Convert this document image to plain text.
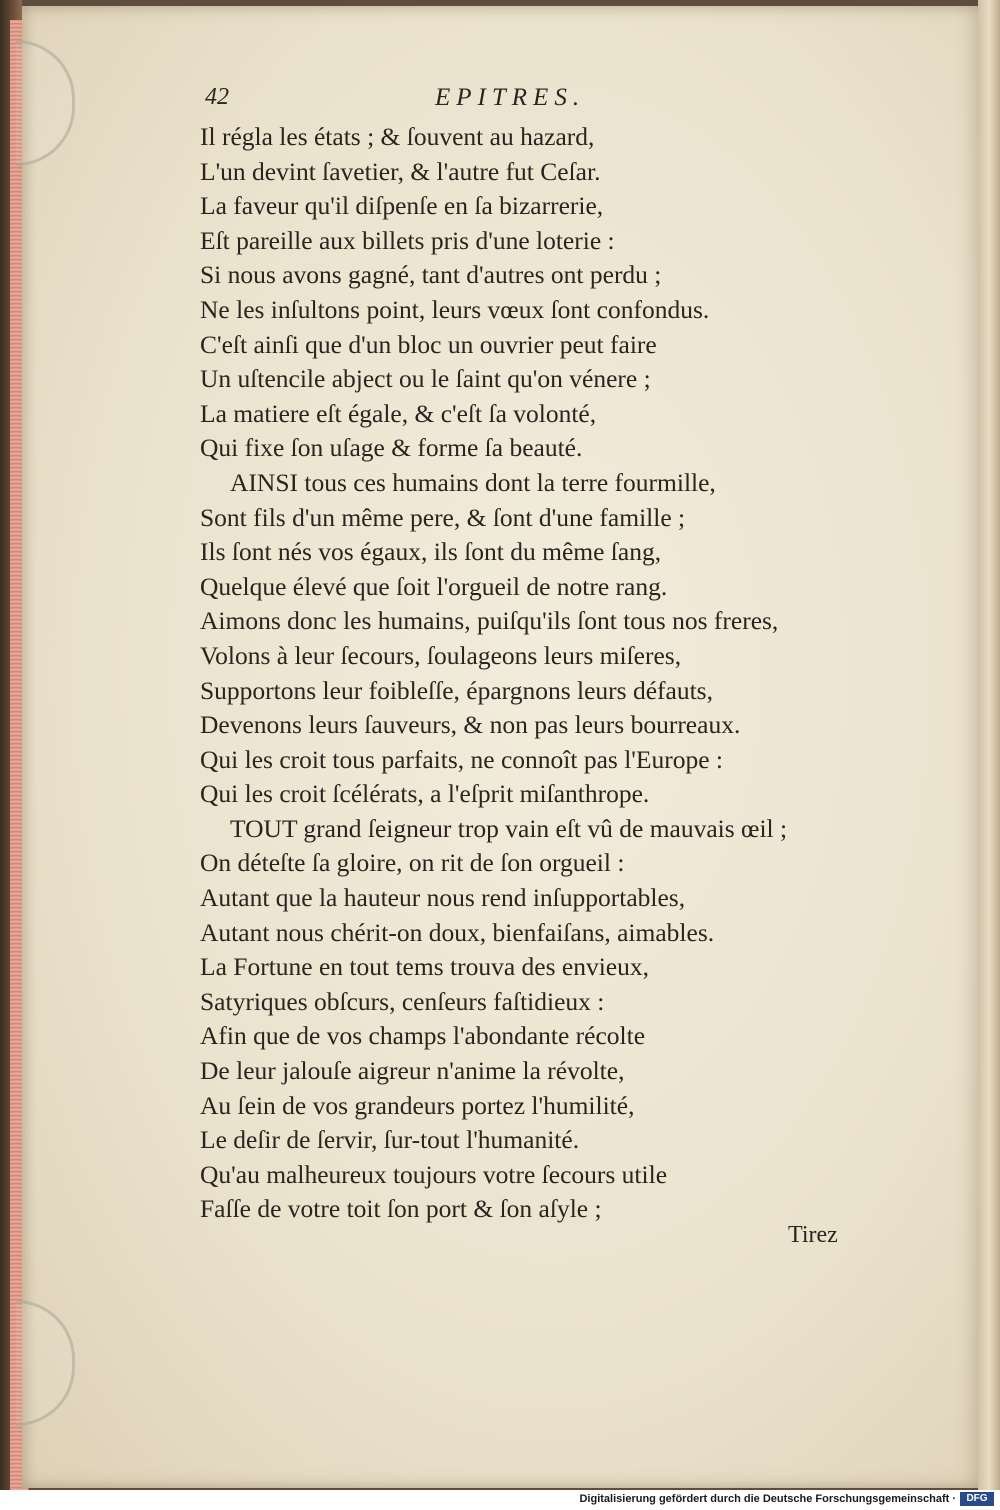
42	EPITRES.
Il régla les états ; & ſouvent au hazard,
L'un devint ſavetier, & l'autre fut Ceſar.
La faveur qu'il diſpenſe en ſa bizarrerie,
Eſt pareille aux billets pris d'une loterie :
Si nous avons gagné, tant d'autres ont perdu ;
Ne les inſultons point, leurs vœux ſont confondus.
C'eſt ainſi que d'un bloc un ouvrier peut faire
Un uſtencile abject ou le ſaint qu'on vénere ;
La matiere eſt égale, & c'eſt ſa volonté,
Qui fixe ſon uſage & forme ſa beauté.
AINSI tous ces humains dont la terre fourmille,
Sont fils d'un même pere, & ſont d'une famille ;
Ils ſont nés vos égaux, ils ſont du même ſang,
Quelque élevé que ſoit l'orgueil de notre rang.
Aimons donc les humains, puiſqu'ils ſont tous nos freres,
Volons à leur ſecours, ſoulageons leurs miſeres,
Supportons leur foibleſſe, épargnons leurs défauts,
Devenons leurs ſauveurs, & non pas leurs bourreaux.
Qui les croit tous parfaits, ne connoît pas l'Europe :
Qui les croit ſcélérats, a l'eſprit miſanthrope.
TOUT grand ſeigneur trop vain eſt vû de mauvais œil ;
On déteſte ſa gloire, on rit de ſon orgueil :
Autant que la hauteur nous rend inſupportables,
Autant nous chérit-on doux, bienfaiſans, aimables.
La Fortune en tout tems trouva des envieux,
Satyriques obſcurs, cenſeurs faſtidieux :
Afin que de vos champs l'abondante récolte
De leur jalouſe aigreur n'anime la révolte,
Au ſein de vos grandeurs portez l'humilité,
Le deſir de ſervir, ſur-tout l'humanité.
Qu'au malheureux toujours votre ſecours utile
Faſſe de votre toit ſon port & ſon aſyle ;
Tirez
Digitalisierung gefördert durch die Deutsche Forschungsgemeinschaft ·	DFG
